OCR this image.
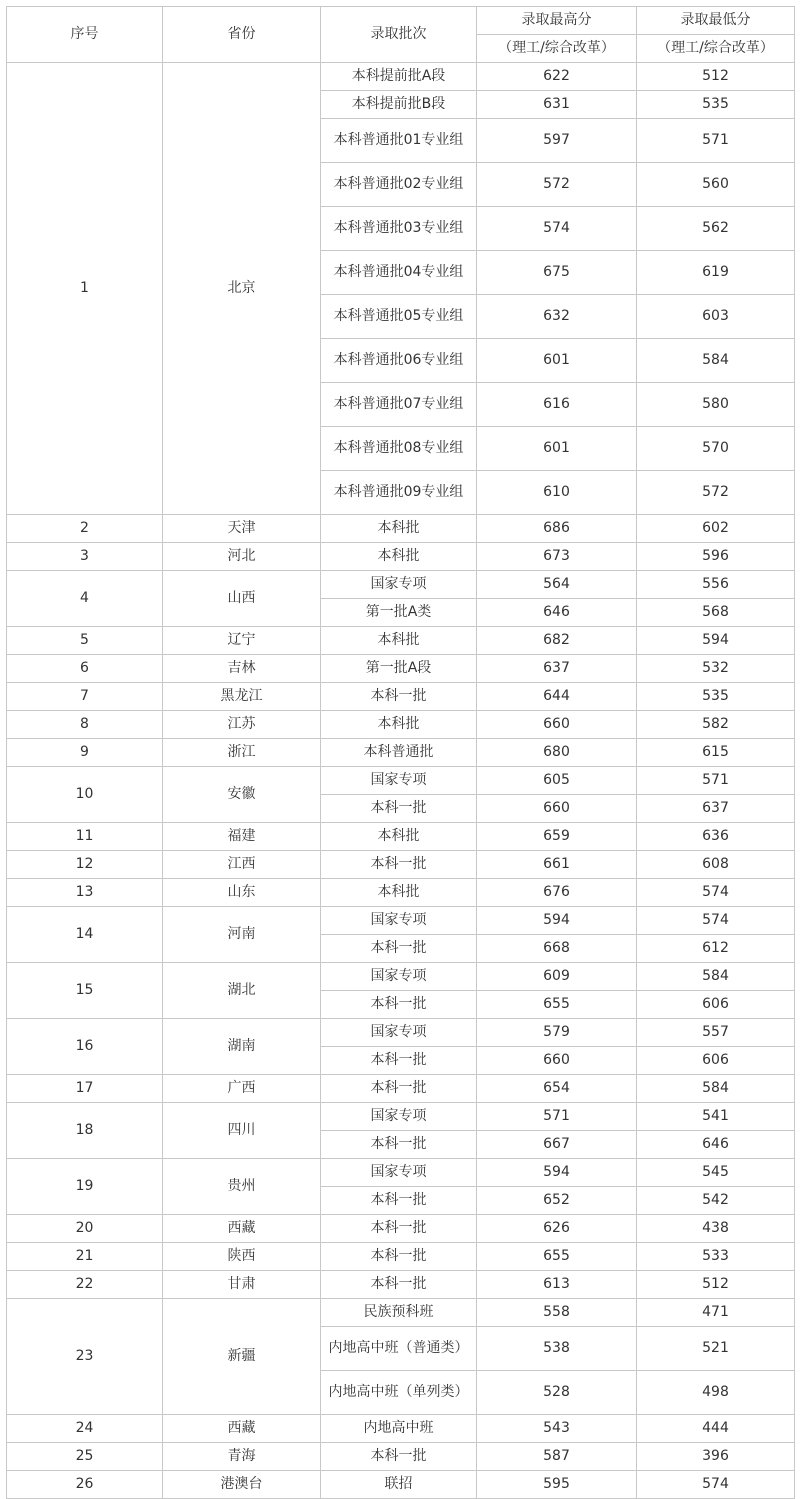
序号	省份	录取批次	录取最高分	录取最低分
			（理工/综合改革）	（理工/综合改革）
1	北京	本科提前批A段	622	512
		本科提前批B段	631	535
		本科普通批01专业组	597	571
		本科普通批02专业组	572	560
		本科普通批03专业组	574	562
		本科普通批04专业组	675	619
		本科普通批05专业组	632	603
		本科普通批06专业组	601	584
		本科普通批07专业组	616	580
		本科普通批08专业组	601	570
		本科普通批09专业组	610	572
2	天津	本科批	686	602
3	河北	本科批	673	596
4	山西	国家专项	564	556
		第一批A类	646	568
5	辽宁	本科批	682	594
6	吉林	第一批A段	637	532
7	黑龙江	本科一批	644	535
8	江苏	本科批	660	582
9	浙江	本科普通批	680	615
10	安徽	国家专项	605	571
		本科一批	660	637
11	福建	本科批	659	636
12	江西	本科一批	661	608
13	山东	本科批	676	574
14	河南	国家专项	594	574
		本科一批	668	612
15	湖北	国家专项	609	584
		本科一批	655	606
16	湖南	国家专项	579	557
		本科一批	660	606
17	广西	本科一批	654	584
18	四川	国家专项	571	541
		本科一批	667	646
19	贵州	国家专项	594	545
		本科一批	652	542
20	西藏	本科一批	626	438
21	陕西	本科一批	655	533
22	甘肃	本科一批	613	512
23	新疆	民族预科班	558	471
		内地高中班（普通类）	538	521
		内地高中班（单列类）	528	498
24	西藏	内地高中班	543	444
25	青海	本科一批	587	396
26	港澳台	联招	595	574
